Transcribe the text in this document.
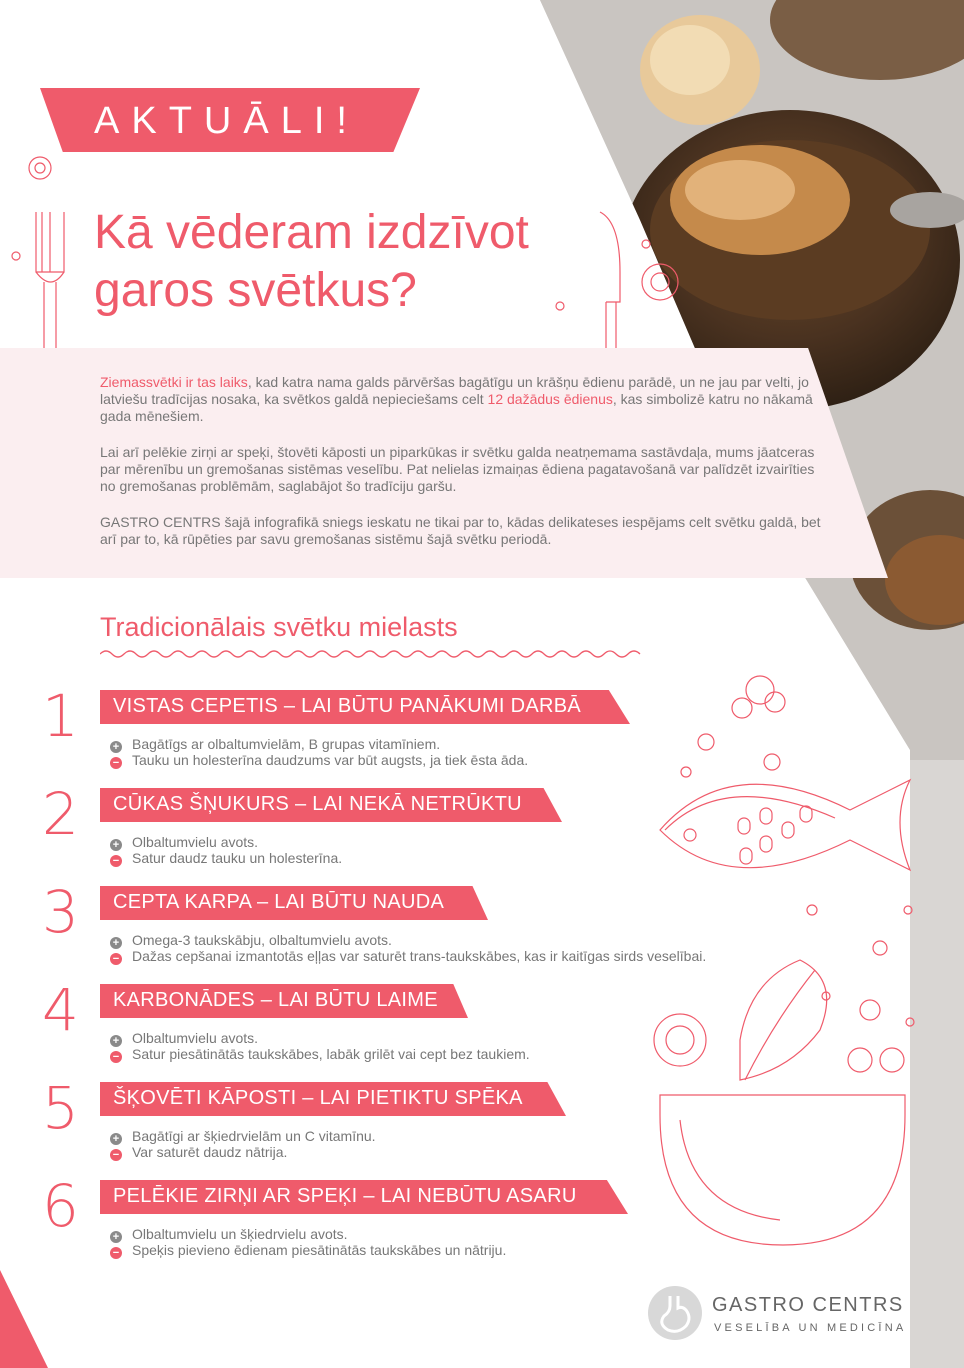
AKTUĀLI!
Kā vēderam izdzīvot
garos svētkus?

Ziemassvētki ir tas laiks, kad katra nama galds pārvēršas bagātīgu un krāšņu ēdienu parādē, un ne jau par velti, jo latviešu tradīcijas nosaka, ka svētkos galdā nepieciešams celt 12 dažādus ēdienus, kas simbolizē katru no nākamā gada mēnešiem.

Lai arī pelēkie zirņi ar speķi, štovēti kāposti un piparkūkas ir svētku galda neatņemama sastāvdaļa, mums jāatceras par mērenību un gremošanas sistēmas veselību. Pat nelielas izmaiņas ēdiena pagatavošanā var palīdzēt izvairīties no gremošanas problēmām, saglabājot šo tradīciju garšu.

GASTRO CENTRS šajā infografikā sniegs ieskatu ne tikai par to, kādas delikateses iespējams celt svētku galdā, bet arī par to, kā rūpēties par savu gremošanas sistēmu šajā svētku periodā.

Tradicionālais svētku mielasts
1 VISTAS CEPETIS – LAI BŪTU PANĀKUMI DARBĀ
+ Bagātīgs ar olbaltumvielām, B grupas vitamīniem.
− Tauku un holesterīna daudzums var būt augsts, ja tiek ēsta āda.
2 CŪKAS ŠŅUKURS – LAI NEKĀ NETRŪKTU
+ Olbaltumvielu avots.
− Satur daudz tauku un holesterīna.
3 CEPTA KARPA – LAI BŪTU NAUDA
+ Omega-3 taukskābju, olbaltumvielu avots.
− Dažas cepšanai izmantotās eļļas var saturēt trans-taukskābes, kas ir kaitīgas sirds veselībai.
4 KARBONĀDES – LAI BŪTU LAIME
+ Olbaltumvielu avots.
− Satur piesātinātās taukskābes, labāk grilēt vai cept bez taukiem.
5 ŠĶOVĒTI KĀPOSTI – LAI PIETIKTU SPĒKA
+ Bagātīgi ar šķiedrvielām un C vitamīnu.
− Var saturēt daudz nātrija.
6 PELĒKIE ZIRŅI AR SPEĶI – LAI NEBŪTU ASARU
+ Olbaltumvielu un šķiedrvielu avots.
− Speķis pievieno ēdienam piesātinātās taukskābes un nātriju.
GASTRO CENTRS
VESELĪBA UN MEDICĪNA
